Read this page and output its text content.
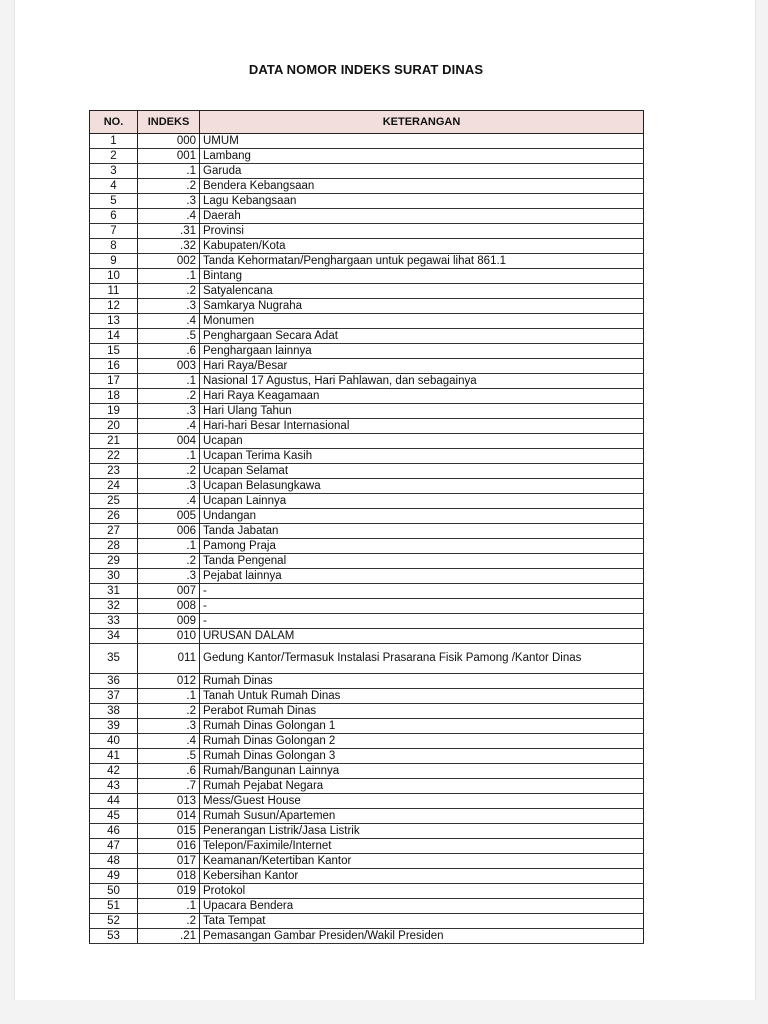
DATA NOMOR INDEKS SURAT DINAS
NO.	INDEKS	KETERANGAN
1	000	UMUM
2	001	Lambang
3	.1	Garuda
4	.2	Bendera Kebangsaan
5	.3	Lagu Kebangsaan
6	.4	Daerah
7	.31	Provinsi
8	.32	Kabupaten/Kota
9	002	Tanda Kehormatan/Penghargaan untuk pegawai lihat 861.1
10	.1	Bintang
11	.2	Satyalencana
12	.3	Samkarya Nugraha
13	.4	Monumen
14	.5	Penghargaan Secara Adat
15	.6	Penghargaan lainnya
16	003	Hari Raya/Besar
17	.1	Nasional 17 Agustus, Hari Pahlawan, dan sebagainya
18	.2	Hari Raya Keagamaan
19	.3	Hari Ulang Tahun
20	.4	Hari-hari Besar Internasional
21	004	Ucapan
22	.1	Ucapan Terima Kasih
23	.2	Ucapan Selamat
24	.3	Ucapan Belasungkawa
25	.4	Ucapan Lainnya
26	005	Undangan
27	006	Tanda Jabatan
28	.1	Pamong Praja
29	.2	Tanda Pengenal
30	.3	Pejabat lainnya
31	007	-
32	008	-
33	009	-
34	010	URUSAN DALAM
35	011	Gedung Kantor/Termasuk Instalasi Prasarana Fisik Pamong /Kantor Dinas
36	012	Rumah Dinas
37	.1	Tanah Untuk Rumah Dinas
38	.2	Perabot Rumah Dinas
39	.3	Rumah Dinas Golongan 1
40	.4	Rumah Dinas Golongan 2
41	.5	Rumah Dinas Golongan 3
42	.6	Rumah/Bangunan Lainnya
43	.7	Rumah Pejabat Negara
44	013	Mess/Guest House
45	014	Rumah Susun/Apartemen
46	015	Penerangan Listrik/Jasa Listrik
47	016	Telepon/Faximile/Internet
48	017	Keamanan/Ketertiban Kantor
49	018	Kebersihan Kantor
50	019	Protokol
51	.1	Upacara Bendera
52	.2	Tata Tempat
53	.21	Pemasangan Gambar Presiden/Wakil Presiden
